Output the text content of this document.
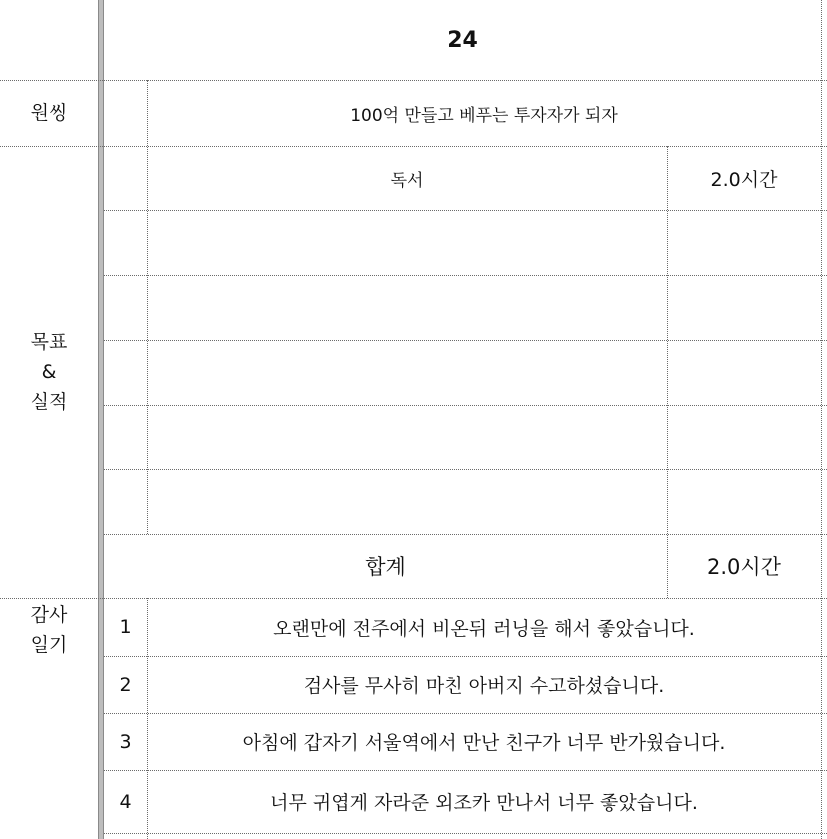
24
원씽	100억 만들고 베푸는 투자자가 되자
목표
&
실적
독서	2.0시간
합계	2.0시간
감사
일기
1	오랜만에 전주에서 비온뒤 러닝을 해서 좋았습니다.
2	검사를 무사히 마친 아버지 수고하셨습니다.
3	아침에 갑자기 서울역에서 만난 친구가 너무 반가웠습니다.
4	너무 귀엽게 자라준 외조카 만나서 너무 좋았습니다.
